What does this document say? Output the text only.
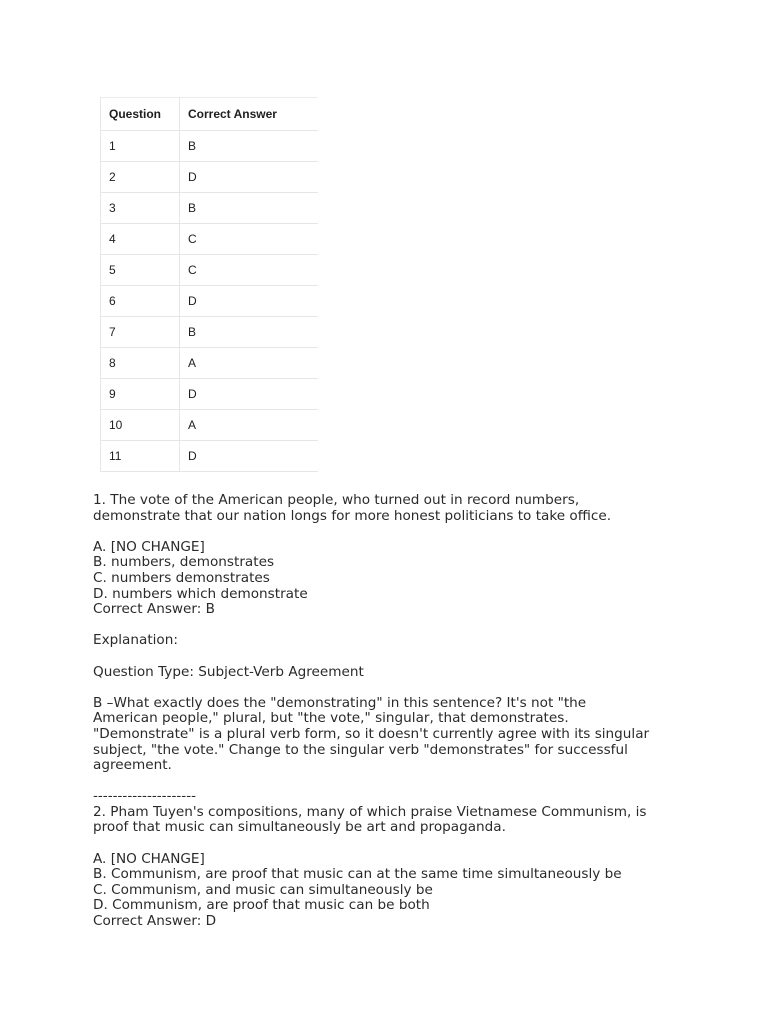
Question	Correct Answer
1	B
2	D
3	B
4	C
5	C
6	D
7	B
8	A
9	D
10	A
11	D

1. The vote of the American people, who turned out in record numbers,

demonstrate that our nation longs for more honest politicians to take office.

A. [NO CHANGE]

B. numbers, demonstrates

C. numbers demonstrates

D. numbers which demonstrate

Correct Answer: B

Explanation:

Question Type: Subject-Verb Agreement

B –What exactly does the "demonstrating" in this sentence? It's not "the

American people," plural, but "the vote," singular, that demonstrates.

"Demonstrate" is a plural verb form, so it doesn't currently agree with its singular

subject, "the vote." Change to the singular verb "demonstrates" for successful

agreement.

---------------------

2. Pham Tuyen's compositions, many of which praise Vietnamese Communism, is

proof that music can simultaneously be art and propaganda.

A. [NO CHANGE]

B. Communism, are proof that music can at the same time simultaneously be

C. Communism, and music can simultaneously be

D. Communism, are proof that music can be both

Correct Answer: D
